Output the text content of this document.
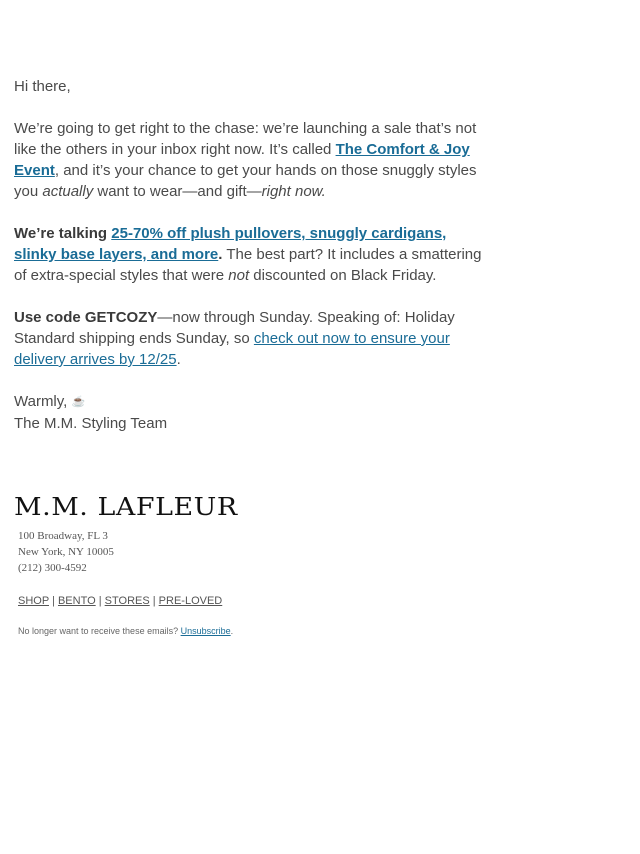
Hi there,

We’re going to get right to the chase: we’re launching a sale that’s not like the others in your inbox right now. It’s called The Comfort & Joy Event, and it’s your chance to get your hands on those snuggly styles you actually want to wear—and gift—right now.

We’re talking 25-70% off plush pullovers, snuggly cardigans, slinky base layers, and more. The best part? It includes a smattering of extra-special styles that were not discounted on Black Friday.

Use code GETCOZY—now through Sunday. Speaking of: Holiday Standard shipping ends Sunday, so check out now to ensure your delivery arrives by 12/25.

Warmly, ☕
The M.M. Styling Team

M.M. LAFLEUR
100 Broadway, FL 3
New York, NY 10005
(212) 300-4592
SHOP | BENTO | STORES | PRE-LOVED
No longer want to receive these emails? Unsubscribe.
